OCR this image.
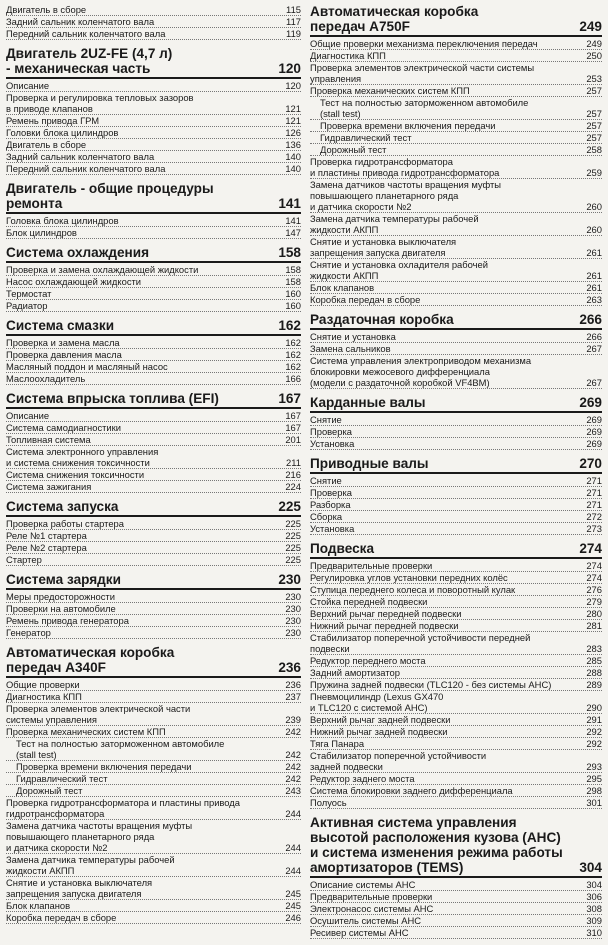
Двигатель в сборе	115
Задний сальник коленчатого вала	117
Передний сальник коленчатого вала	119
Двигатель 2UZ-FE (4,7 л)
- механическая часть	120
Описание	120
Проверка и регулировка тепловых зазоров
в приводе клапанов	121
Ремень привода ГРМ	121
Головки блока цилиндров	126
Двигатель в сборе	136
Задний сальник коленчатого вала	140
Передний сальник коленчатого вала	140
Двигатель - общие процедуры
ремонта	141
Головка блока цилиндров	141
Блок цилиндров	147
Система охлаждения	158
Проверка и замена охлаждающей жидкости	158
Насос охлаждающей жидкости	158
Термостат	160
Радиатор	160
Система смазки	162
Проверка и замена масла	162
Проверка давления масла	162
Масляный поддон и масляный насос	162
Маслоохладитель	166
Система впрыска топлива (EFI)	167
Описание	167
Система самодиагностики	167
Топливная система	201
Система электронного управления
и система снижения токсичности	211
Система снижения токсичности	216
Система зажигания	224
Система запуска	225
Проверка работы стартера	225
Реле №1 стартера	225
Реле №2 стартера	225
Стартер	225
Система зарядки	230
Меры предосторожности	230
Проверки на автомобиле	230
Ремень привода генератора	230
Генератор	230
Автоматическая коробка
передач A340F	236
Общие проверки	236
Диагностика КПП	237
Проверка элементов электрической части
системы управления	239
Проверка механических систем КПП	242
Тест на полностью заторможенном автомобиле
(stall test)	242
Проверка времени включения передачи	242
Гидравлический тест	242
Дорожный тест	243
Проверка гидротрансформатора и пластины привода
гидротрансформатора	244
Замена датчика частоты вращения муфты
повышающего планетарного ряда
и датчика скорости №2	244
Замена датчика температуры рабочей
жидкости АКПП	244
Снятие и установка выключателя
запрещения запуска двигателя	245
Блок клапанов	245
Коробка передач в сборе	246
Автоматическая коробка
передач A750F	249
Общие проверки механизма переключения передач	249
Диагностика КПП	250
Проверка элементов электрической части системы
управления	253
Проверка механических систем КПП	257
Тест на полностью заторможенном автомобиле
(stall test)	257
Проверка времени включения передачи	257
Гидравлический тест	257
Дорожный тест	258
Проверка гидротрансформатора
и пластины привода гидротрансформатора	259
Замена датчиков частоты вращения муфты
повышающего планетарного ряда
и датчика скорости №2	260
Замена датчика температуры рабочей
жидкости АКПП	260
Снятие и установка выключателя
запрещения запуска двигателя	261
Снятие и установка охладителя рабочей
жидкости АКПП	261
Блок клапанов	261
Коробка передач в сборе	263
Раздаточная коробка	266
Снятие и установка	266
Замена сальников	267
Система управления электроприводом механизма
блокировки межосевого дифференциала
(модели с раздаточной коробкой VF4BM)	267
Карданные валы	269
Снятие	269
Проверка	269
Установка	269
Приводные валы	270
Снятие	271
Проверка	271
Разборка	271
Сборка	272
Установка	273
Подвеска	274
Предварительные проверки	274
Регулировка углов установки передних колёс	274
Ступица переднего колеса и поворотный кулак	276
Стойка передней подвески	279
Верхний рычаг передней подвески	280
Нижний рычаг передней подвески	281
Стабилизатор поперечной устойчивости передней
подвески	283
Редуктор переднего моста	285
Задний амортизатор	288
Пружина задней подвески (TLC120 - без системы АНС)	289
Пневмоцилиндр (Lexus GX470
и TLC120 с системой АНС)	290
Верхний рычаг задней подвески	291
Нижний рычаг задней подвески	292
Тяга Панара	292
Стабилизатор поперечной устойчивости
задней подвески	293
Редуктор заднего моста	295
Система блокировки заднего дифференциала	298
Полуось	301
Активная система управления
высотой расположения кузова (АНС)
и система изменения режима работы
амортизаторов (TEMS)	304
Описание системы АНС	304
Предварительные проверки	306
Электронасос системы АНС	308
Осушитель системы АНС	309
Ресивер системы АНС	310
